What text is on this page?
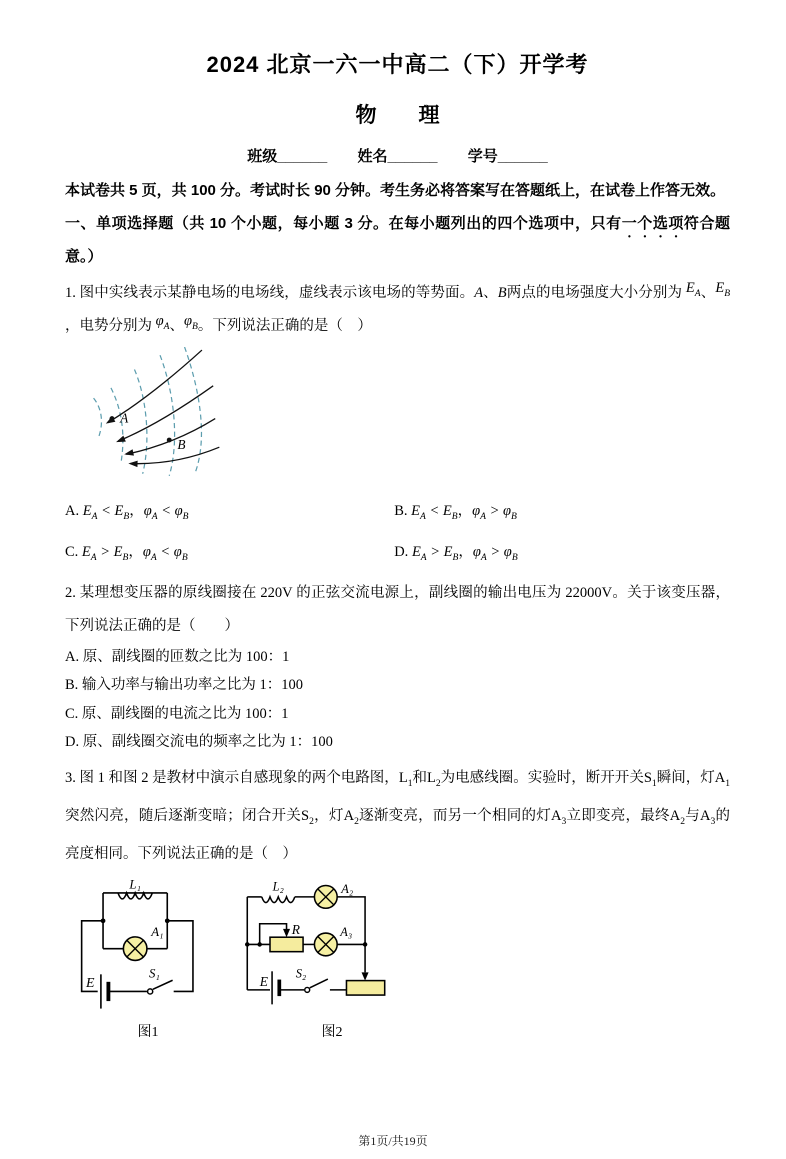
2024 北京一六一中高二（下）开学考
物　　理
班级______ 姓名______ 学号______
本试卷共 5 页，共 100 分。考试时长 90 分钟。考生务必将答案写在答题纸上，在试卷上作答无效。
一、单项选择题（共 10 个小题，每小题 3 分。在每小题列出的四个选项中，只有一个选项符合题意。）
1. 图中实线表示某静电场的电场线，虚线表示该电场的等势面。A、B两点的电场强度大小分别为 $E_A$、$E_B$，电势分别为 $\varphi_A$、$\varphi_B$。下列说法正确的是（　）
A
B
A. $E_A < E_B$，$\varphi_A < \varphi_B$	B. $E_A < E_B$，$\varphi_A > \varphi_B$
C. $E_A > E_B$，$\varphi_A < \varphi_B$	D. $E_A > E_B$，$\varphi_A > \varphi_B$
2. 某理想变压器的原线圈接在 220V 的正弦交流电源上，副线圈的输出电压为 22000V。关于该变压器，下列说法正确的是（　　）
A. 原、副线圈的匝数之比为 100：1
B. 输入功率与输出功率之比为 1：100
C. 原、副线圈的电流之比为 100：1
D. 原、副线圈交流电的频率之比为 1：100
3. 图 1 和图 2 是教材中演示自感现象的两个电路图，$L_1$和$L_2$为电感线圈。实验时，断开开关$S_1$瞬间，灯$A_1$突然闪亮，随后逐渐变暗；闭合开关$S_2$，灯$A_2$逐渐变亮，而另一个相同的灯$A_3$立即变亮，最终$A_2$与$A_3$的亮度相同。下列说法正确的是（　）
L₁
A₁
E
S₁
图1
L₂	A₂
R	A₃
E
S₂
图2
第1页/共19页
